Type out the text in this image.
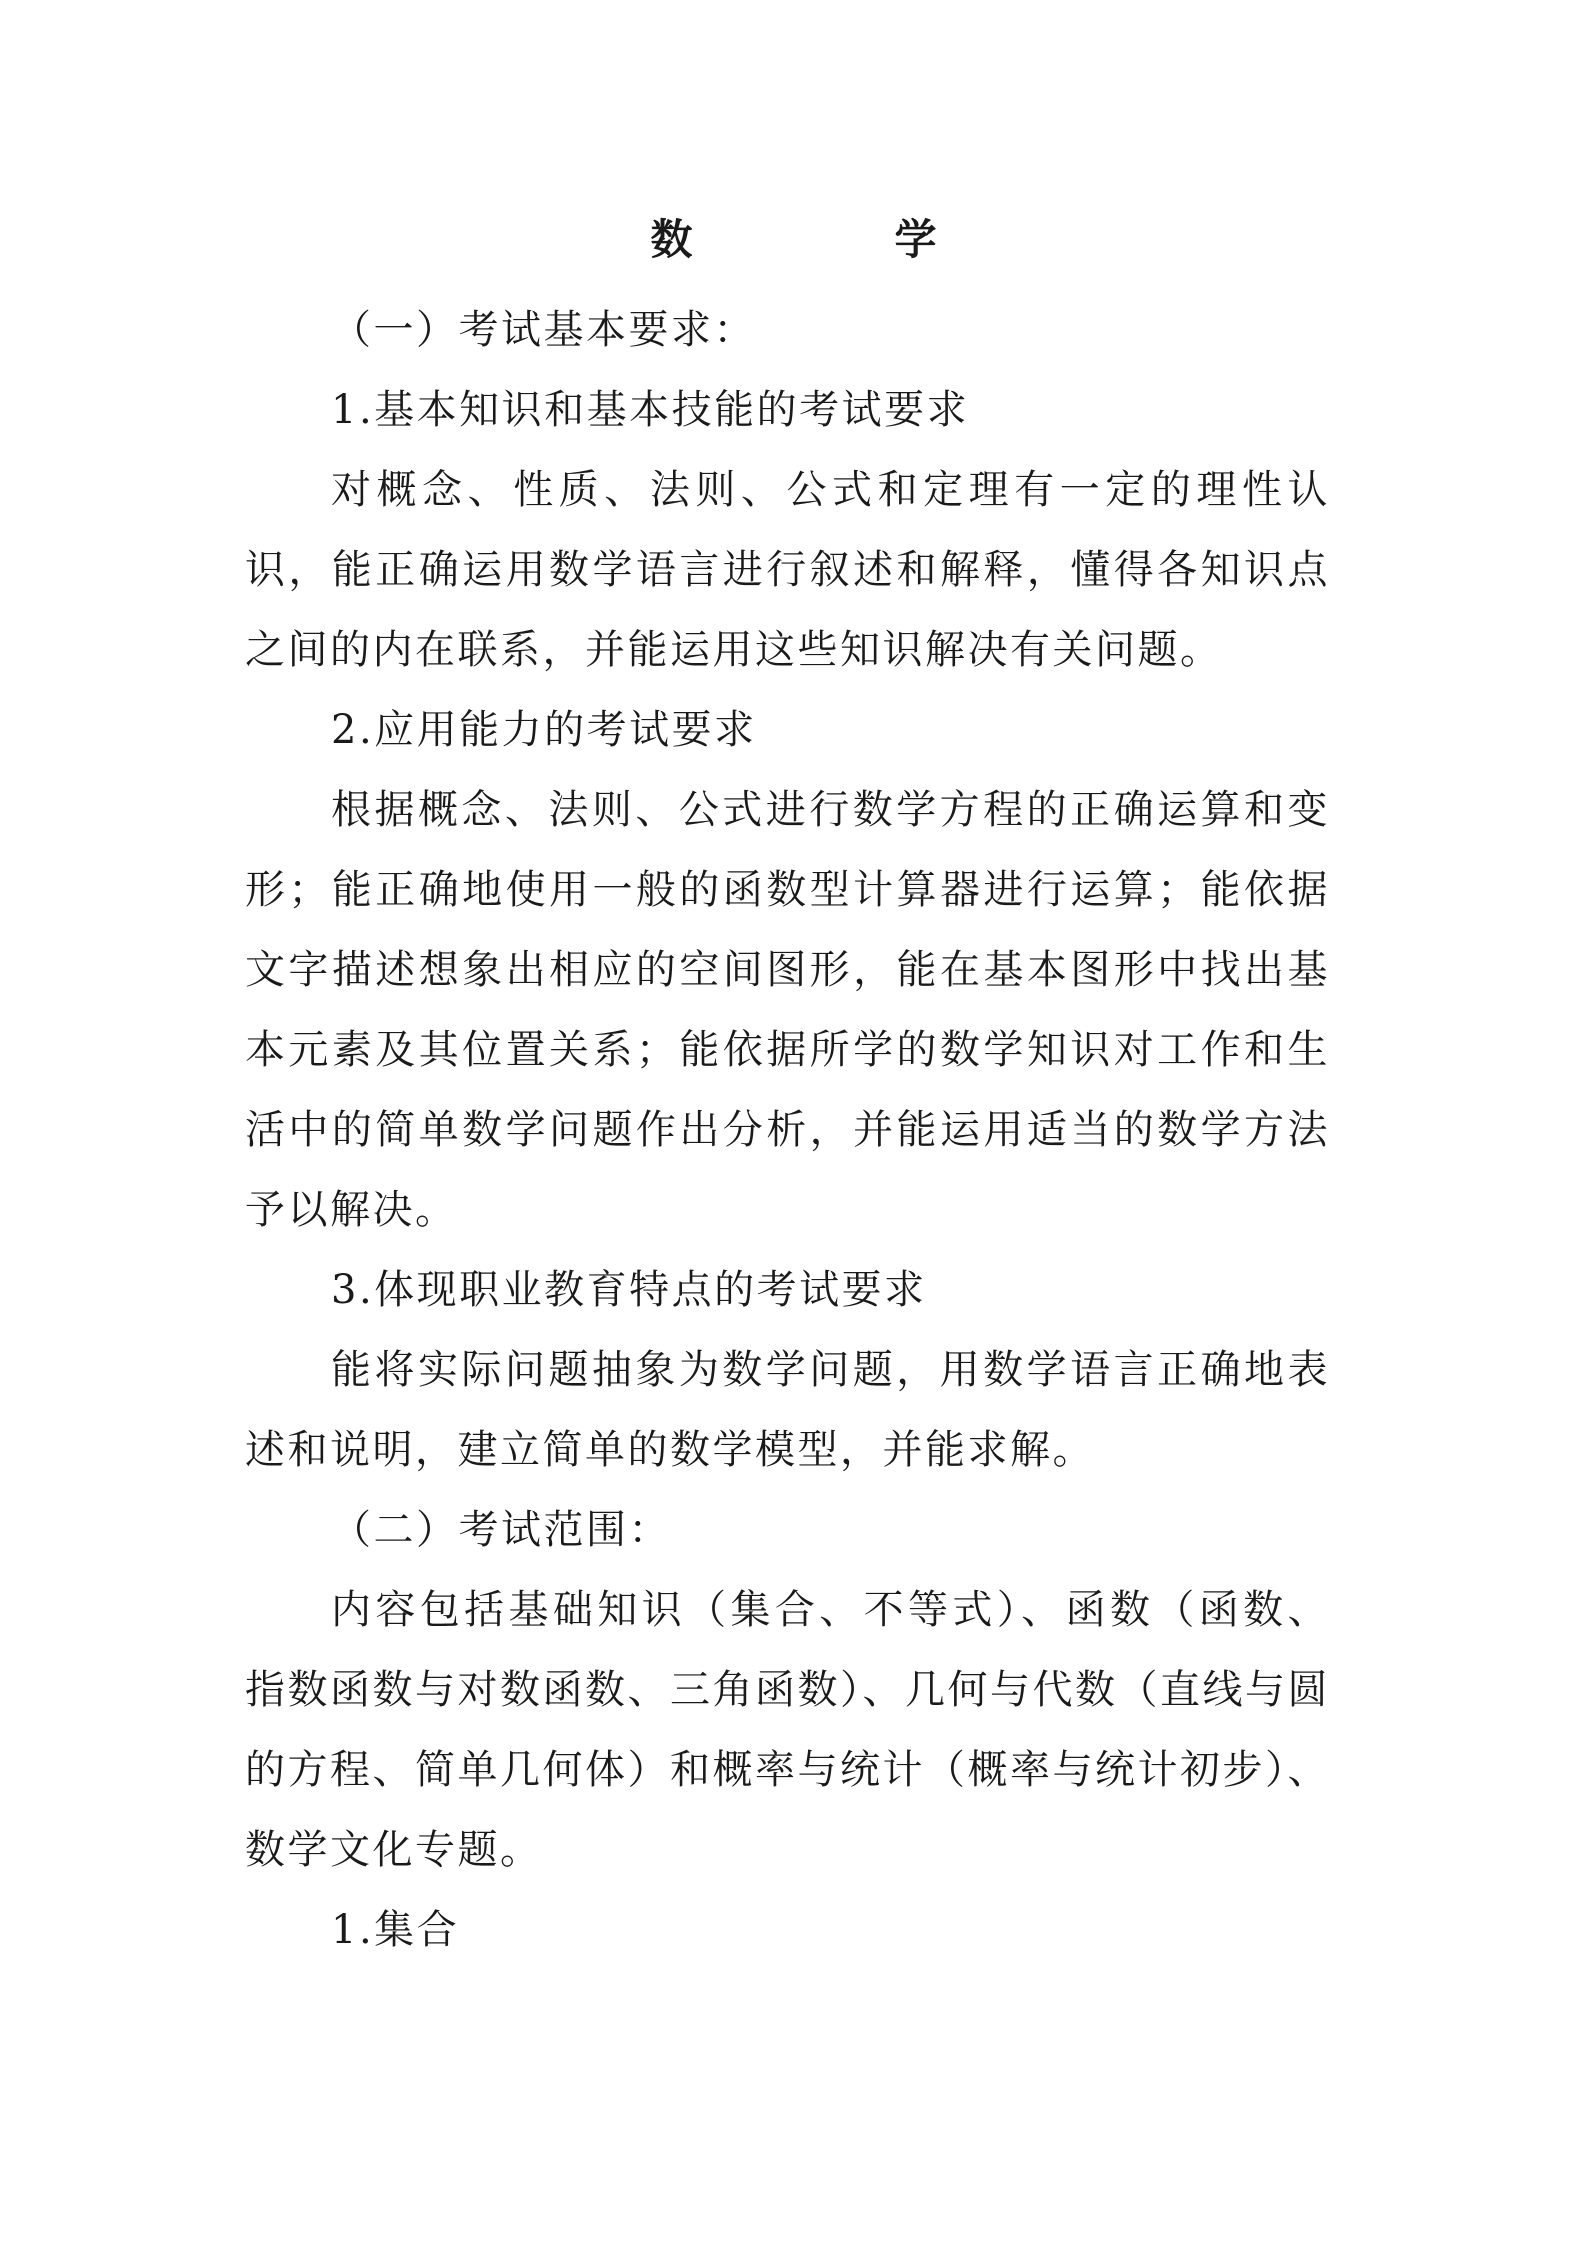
数　学

（一）考试基本要求：

1.基本知识和基本技能的考试要求

对概念、性质、法则、公式和定理有一定的理性认识，能正确运用数学语言进行叙述和解释，懂得各知识点之间的内在联系，并能运用这些知识解决有关问题。

2.应用能力的考试要求

根据概念、法则、公式进行数学方程的正确运算和变形；能正确地使用一般的函数型计算器进行运算；能依据文字描述想象出相应的空间图形，能在基本图形中找出基本元素及其位置关系；能依据所学的数学知识对工作和生活中的简单数学问题作出分析，并能运用适当的数学方法予以解决。

3.体现职业教育特点的考试要求

能将实际问题抽象为数学问题，用数学语言正确地表述和说明，建立简单的数学模型，并能求解。

（二）考试范围：

内容包括基础知识（集合、不等式）、函数（函数、指数函数与对数函数、三角函数）、几何与代数（直线与圆的方程、简单几何体）和概率与统计（概率与统计初步）、数学文化专题。

1.集合
